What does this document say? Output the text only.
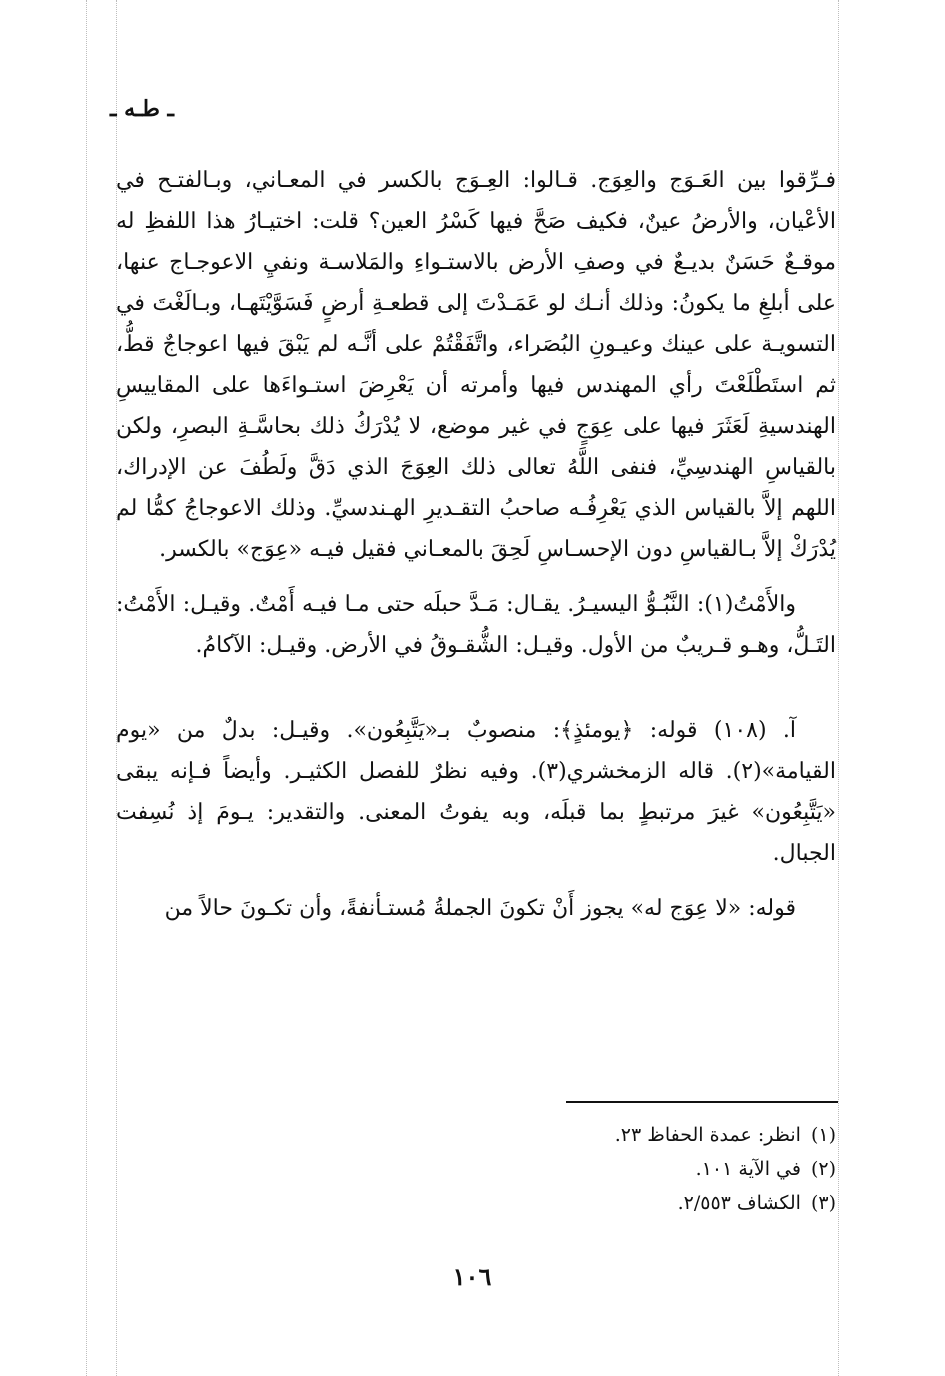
ـ طـه ـ

فـرِّقوا بين العَـوَج والعِوَج. قـالوا: العِـوَج بالكسر في المعـاني، وبـالفتـح في الأعْيان، والأرضُ عينٌ، فكيف صَحَّ فيها كَسْرُ العين؟ قلت: اختيـارُ هذا اللفظِ له موقـعٌ حَسَنٌ بديـعٌ في وصفِ الأرض بالاستـواءِ والمَلاسـة ونفيِ الاعوجـاج عنها، على أبلغِ ما يكونُ: وذلك أنـك لو عَمَـدْتَ إلى قطعـةِ أرضٍ فَسَوَّيْتَهـا، وبـالَغْتَ في التسويـة على عينك وعيـونِ البُصَراء، واتَّفَقْتُمْ على أنَّـه لم يَبْقَ فيها اعوجاجٌ قطُّ، ثم استَطْلَعْتَ رأي المهندس فيها وأمرته أن يَعْرِضَ استـواءَها على المقاييسِ الهندسيةِ لَعَثَرَ فيها على عِوَجٍ في غير موضع، لا يُدْرَكُ ذلك بحاسَّـةِ البصرِ، ولكن بالقياسِ الهندسِيِّ، فنفى اللَّهُ تعالى ذلك العِوَجَ الذي دَقَّ ولَطُفَ عن الإدراك، اللهم إلاَّ بالقياس الذي يَعْرِفُـه صاحبُ التقـديرِ الهـندسيِّ. وذلك الاعوجاجُ كمُّا لم يُدْرَكْ إلاَّ بـالقياسِ دون الإحسـاسِ لَحِقَ بالمعـاني فقيل فيـه «عِوَج» بالكسر.

والأَمْتُ(١): النَّبُـوُّ اليسيـرُ. يقـال: مَـدَّ حبلَه حتى مـا فيـه أَمْتٌ. وقيـل: الأَمْتُ: التَـلُّ، وهـو قـريبٌ من الأول. وقيـل: الشُّقـوقُ في الأرض. وقيـل: الآكامُ.

آ. (١٠٨) قوله: ﴿يومئذٍ﴾: منصوبٌ بـ«يَتَّبِعُون». وقيـل: بدلٌ من «يوم القيامة»(٢). قاله الزمخشري(٣). وفيه نظرٌ للفصل الكثيـر. وأيضاً فـإنه يبقى «يَتَّبِعُون» غيرَ مرتبطٍ بما قبلَه، وبه يفوتُ المعنى. والتقدير: يـومَ إذ نُسِفت الجبال.

قوله: «لا عِوَج له» يجوز أَنْ تكونَ الجملةُ مُستـأنفةً، وأن تكـونَ حالاً من

(١)انظر: عمدة الحفاظ ٢٣.

(٢)في الآية ١٠١.

(٣)الكشاف ٢/٥٥٣.

١٠٦
